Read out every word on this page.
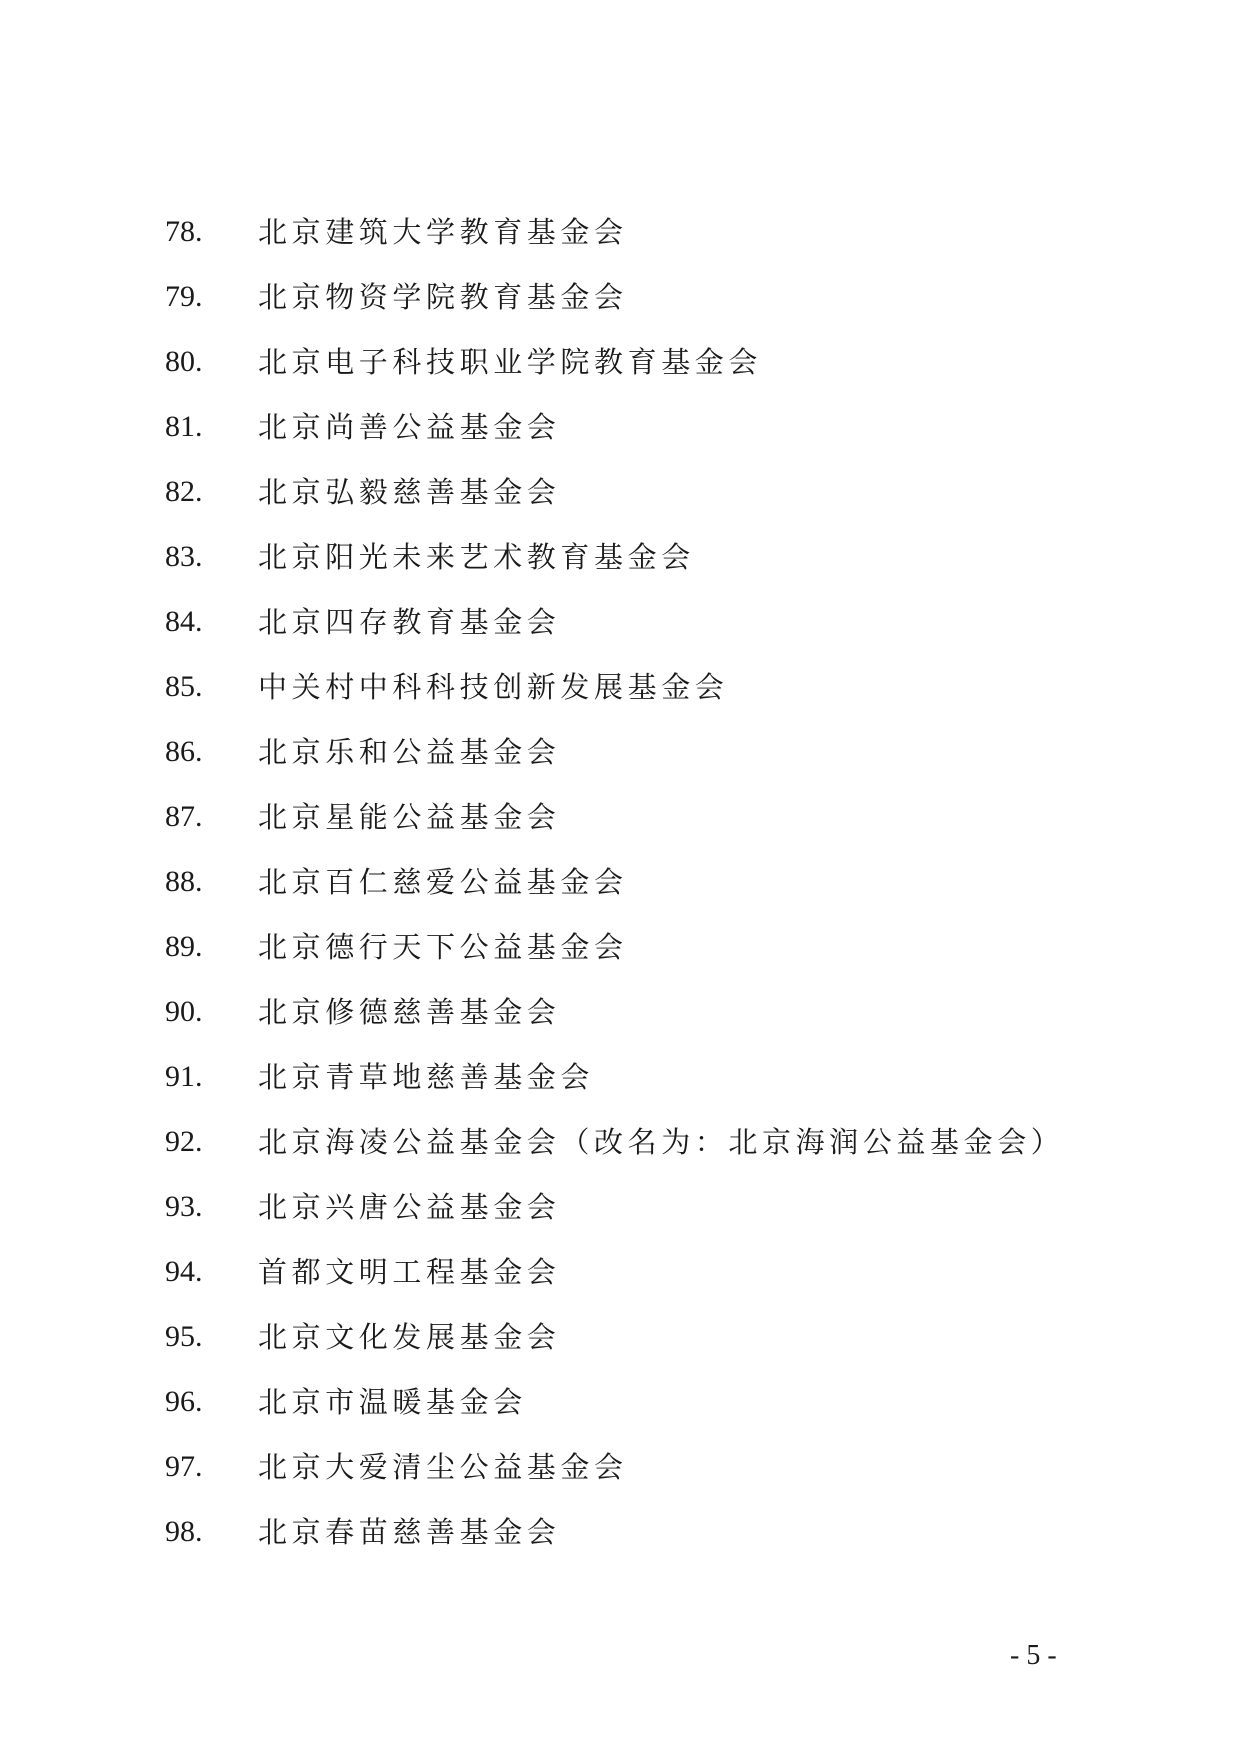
78. 北京建筑大学教育基金会
79. 北京物资学院教育基金会
80. 北京电子科技职业学院教育基金会
81. 北京尚善公益基金会
82. 北京弘毅慈善基金会
83. 北京阳光未来艺术教育基金会
84. 北京四存教育基金会
85. 中关村中科科技创新发展基金会
86. 北京乐和公益基金会
87. 北京星能公益基金会
88. 北京百仁慈爱公益基金会
89. 北京德行天下公益基金会
90. 北京修德慈善基金会
91. 北京青草地慈善基金会
92. 北京海凌公益基金会（改名为：北京海润公益基金会）
93. 北京兴唐公益基金会
94. 首都文明工程基金会
95. 北京文化发展基金会
96. 北京市温暖基金会
97. 北京大爱清尘公益基金会
98. 北京春苗慈善基金会
- 5 -
